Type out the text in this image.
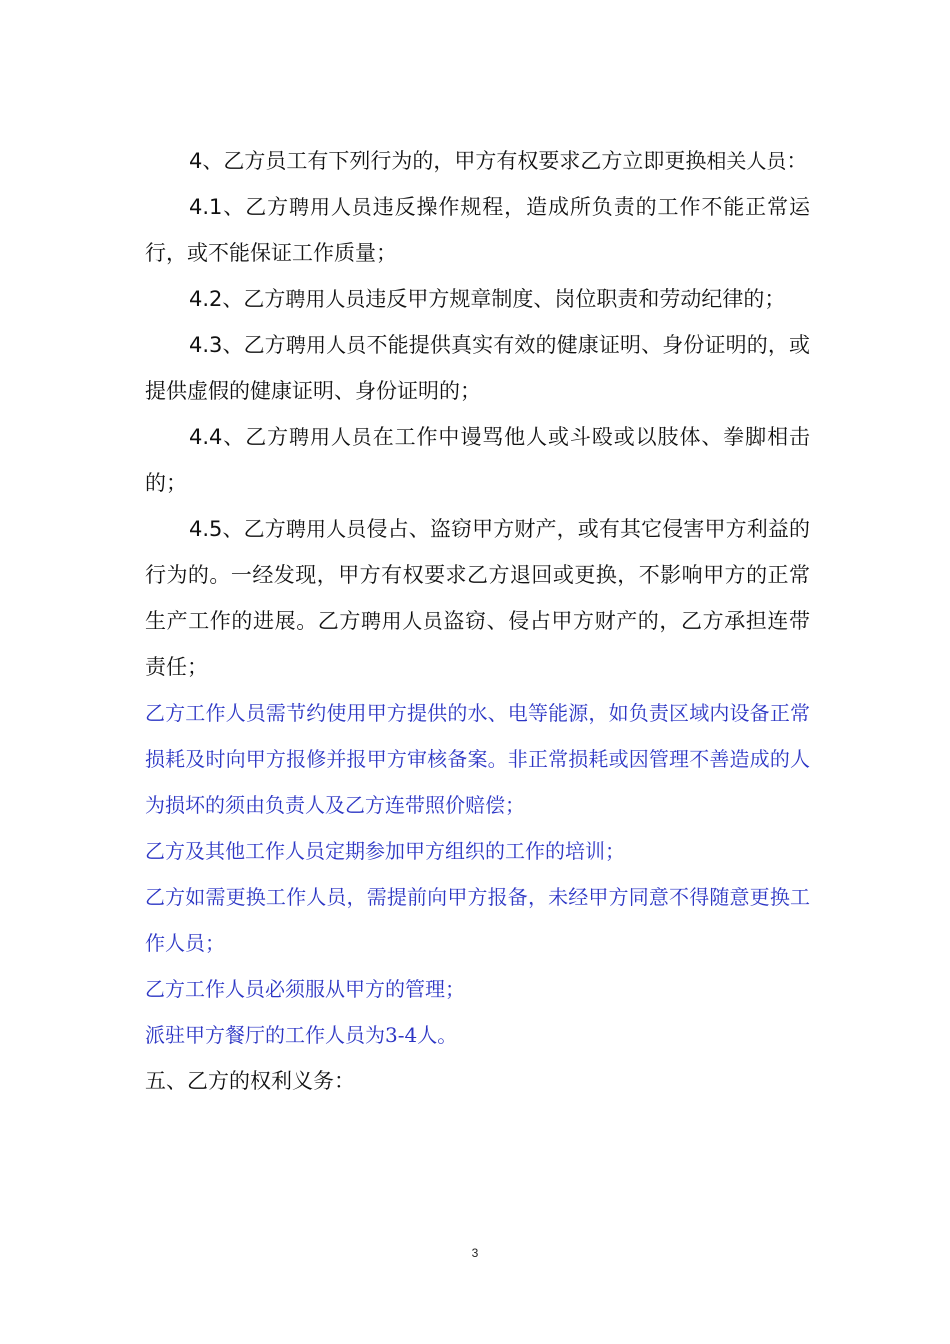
4、乙方员工有下列行为的，甲方有权要求乙方立即更换相关人员：

4.1、乙方聘用人员违反操作规程，造成所负责的工作不能正常运行，或不能保证工作质量；

4.2、乙方聘用人员违反甲方规章制度、岗位职责和劳动纪律的；

4.3、乙方聘用人员不能提供真实有效的健康证明、身份证明的，或提供虚假的健康证明、身份证明的；

4.4、乙方聘用人员在工作中谩骂他人或斗殴或以肢体、拳脚相击的；

4.5、乙方聘用人员侵占、盗窃甲方财产，或有其它侵害甲方利益的行为的。一经发现，甲方有权要求乙方退回或更换，不影响甲方的正常生产工作的进展。乙方聘用人员盗窃、侵占甲方财产的，乙方承担连带责任；

乙方工作人员需节约使用甲方提供的水、电等能源，如负责区域内设备正常损耗及时向甲方报修并报甲方审核备案。非正常损耗或因管理不善造成的人为损坏的须由负责人及乙方连带照价赔偿；

乙方及其他工作人员定期参加甲方组织的工作的培训；

乙方如需更换工作人员，需提前向甲方报备，未经甲方同意不得随意更换工作人员；

乙方工作人员必须服从甲方的管理；

派驻甲方餐厅的工作人员为3-4人。

五、乙方的权利义务：

3
